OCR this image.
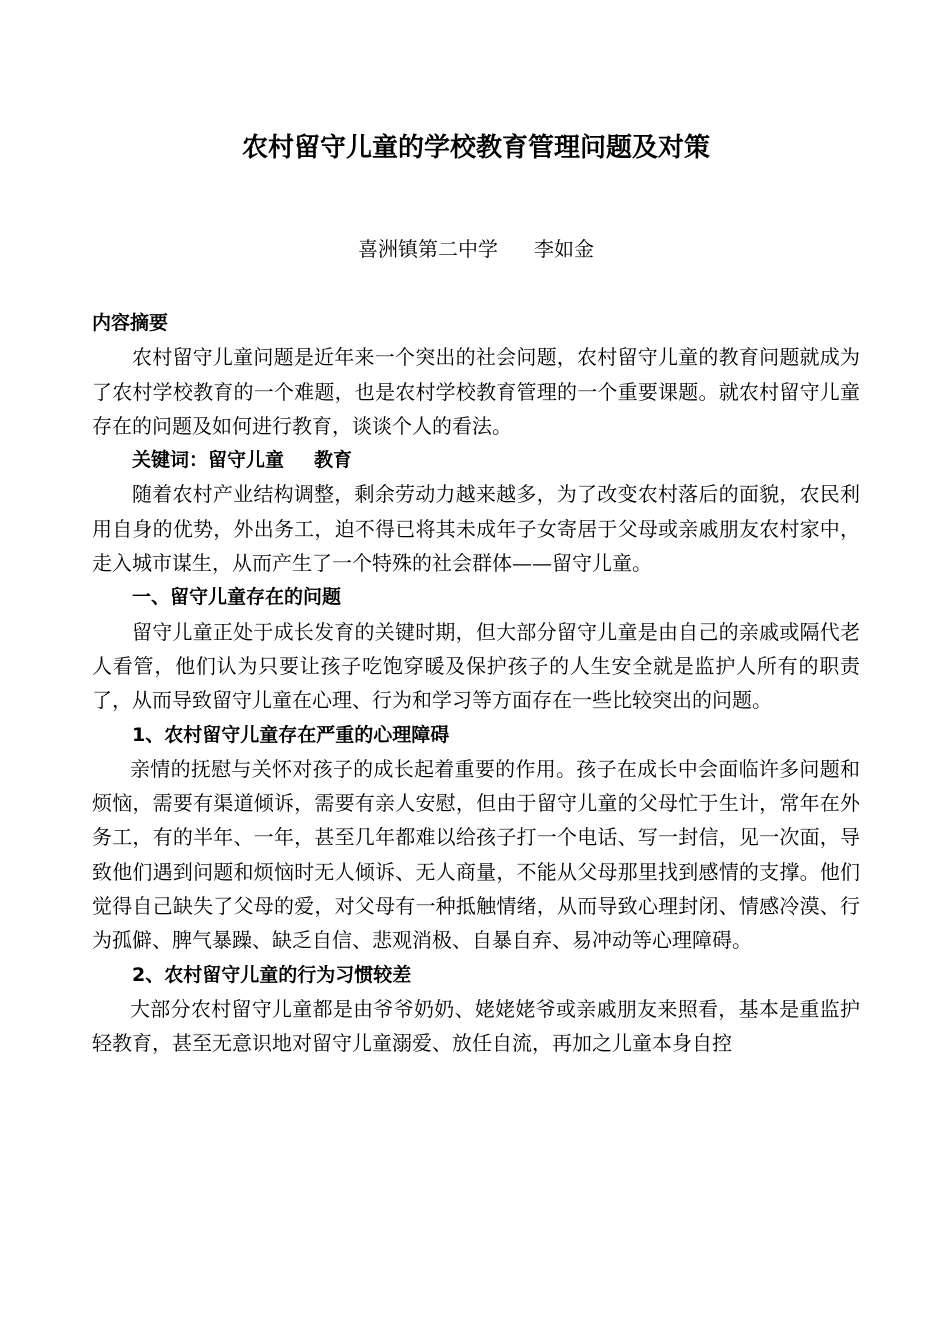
农村留守儿童的学校教育管理问题及对策
喜洲镇第二中学 李如金

内容摘要

农村留守儿童问题是近年来一个突出的社会问题，农村留守儿童的教育问题就成为了农村学校教育的一个难题，也是农村学校教育管理的一个重要课题。就农村留守儿童存在的问题及如何进行教育，谈谈个人的看法。

关键词：留守儿童 教育

随着农村产业结构调整，剩余劳动力越来越多，为了改变农村落后的面貌，农民利用自身的优势，外出务工，迫不得已将其未成年子女寄居于父母或亲戚朋友农村家中，走入城市谋生，从而产生了一个特殊的社会群体——留守儿童。

一、留守儿童存在的问题

留守儿童正处于成长发育的关键时期，但大部分留守儿童是由自己的亲戚或隔代老人看管，他们认为只要让孩子吃饱穿暖及保护孩子的人生安全就是监护人所有的职责了，从而导致留守儿童在心理、行为和学习等方面存在一些比较突出的问题。

1、农村留守儿童存在严重的心理障碍

亲情的抚慰与关怀对孩子的成长起着重要的作用。孩子在成长中会面临许多问题和烦恼，需要有渠道倾诉，需要有亲人安慰，但由于留守儿童的父母忙于生计，常年在外务工，有的半年、一年，甚至几年都难以给孩子打一个电话、写一封信，见一次面，导致他们遇到问题和烦恼时无人倾诉、无人商量，不能从父母那里找到感情的支撑。他们觉得自己缺失了父母的爱，对父母有一种抵触情绪，从而导致心理封闭、情感冷漠、行为孤僻、脾气暴躁、缺乏自信、悲观消极、自暴自弃、易冲动等心理障碍。

2、农村留守儿童的行为习惯较差

大部分农村留守儿童都是由爷爷奶奶、姥姥姥爷或亲戚朋友来照看，基本是重监护轻教育，甚至无意识地对留守儿童溺爱、放任自流，再加之儿童本身自控
